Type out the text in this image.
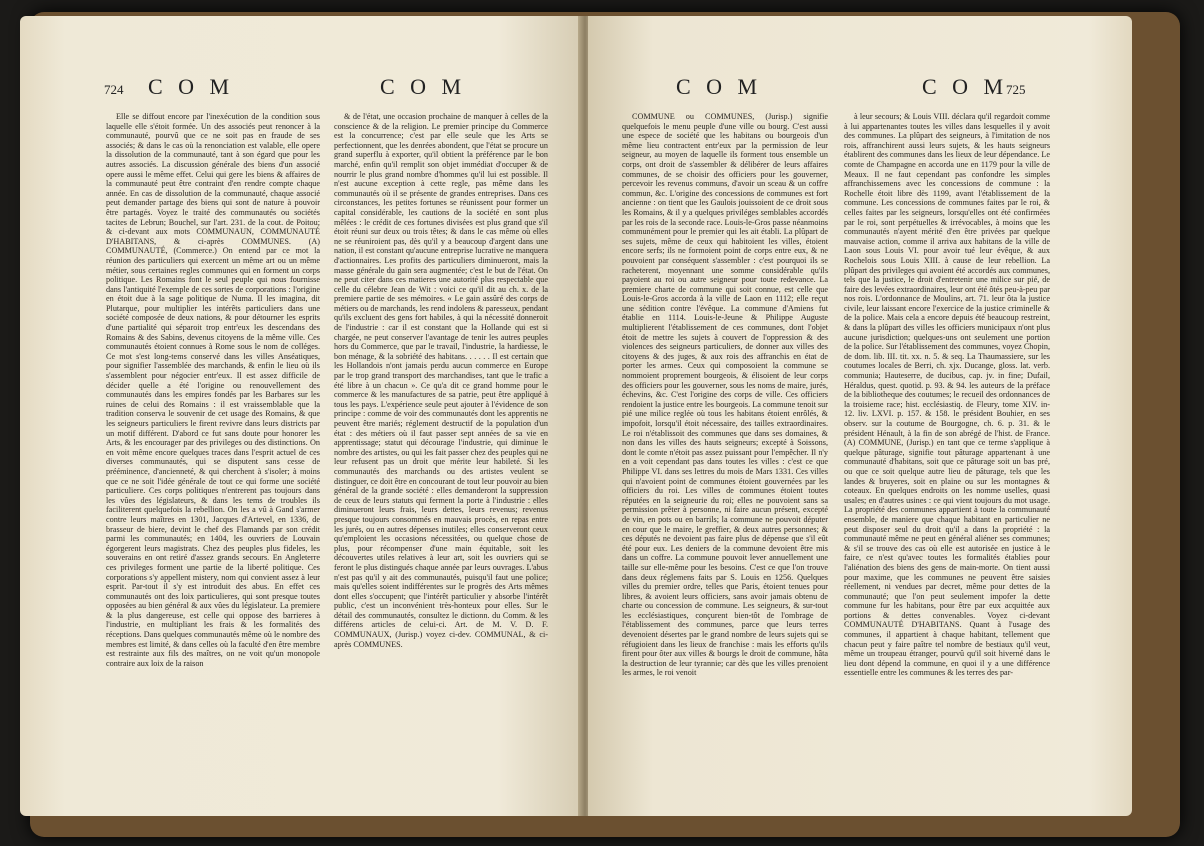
724 C O M	C O M

Elle se diffout encore par l'inexécution de la condition sous laquelle elle s'étoit formée. Un des associés peut renoncer à la communauté, pourvû que ce ne soit pas en fraude de ses associés; & dans le cas où la renonciation est valable, elle opere la dissolution de la communauté, tant à son égard que pour les autres associés. La discussion générale des biens d'un associé opere aussi le même effet. Celui qui gere les biens & affaires de la communauté peut être contraint d'en rendre compte chaque année. En cas de dissolution de la communauté, chaque associé peut demander partage des biens qui sont de nature à pouvoir être partagés. Voyez le traité des communautés ou sociétés tacites de Lebrun; Bouchel, sur l'art. 231. de la cout. de Poitou; & ci-devant aux mots COMMUNAUN, COMMUNAUTÉ D'HABITANS, & ci-après COMMUNES. (A) COMMUNAUTÉ, (Commerce.) On entend par ce mot la réunion des particuliers qui exercent un même art ou un même métier, sous certaines regles communes qui en forment un corps politique. Les Romains font le seul peuple qui nous fournisse dans l'antiquité l'exemple de ces sortes de corporations : l'origine en étoit due à la sage politique de Numa. Il les imagina, dit Plutarque, pour multiplier les intérêts particuliers dans une société composée de deux nations, & pour détourner les esprits d'une partialité qui séparoit trop entr'eux les descendans des Romains & des Sabins, devenus citoyens de la même ville. Ces communautés étoient connues à Rome sous le nom de colléges. Ce mot s'est long-tems conservé dans les villes Anséatiques, pour signifier l'assemblée des marchands, & enfin le lieu où ils s'assemblent pour négocier entr'eux. Il est assez difficile de décider quelle a été l'origine ou renouvellement des communautés dans les empires fondés par les Barbares sur les ruines de celui des Romains : il est vraissemblable que la tradition conserva le souvenir de cet usage des Romains, & que les seigneurs particuliers le firent revivre dans leurs districts par un motif différent. D'abord ce fut sans doute pour honorer les Arts, & les encourager par des privileges ou des distinctions. On en voit même encore quelques traces dans l'esprit actuel de ces diverses communautés, qui se disputent sans cesse de prééminence, d'ancienneté, & qui cherchent à s'isoler; à moins que ce ne soit l'idée générale de tout ce qui forme une société particuliere. Ces corps politiques n'entrerent pas toujours dans les vûes des législateurs, & dans les tems de troubles ils faciliterent quelquefois la rebellion. On les a vû à Gand s'armer contre leurs maîtres en 1301, Jacques d'Artevel, en 1336, de brasseur de biere, devint le chef des Flamands par son crédit parmi les communautés; en 1404, les ouvriers de Louvain égorgerent leurs magistrats. Chez des peuples plus fideles, les souverains en ont retiré d'assez grands secours. En Angleterre ces privileges forment une partie de la liberté politique. Ces corporations s'y appellent mistery, nom qui convient assez à leur esprit. Par-tout il s'y est introduit des abus. En effet ces communautés ont des loix particulieres, qui sont presque toutes opposées au bien général & aux vûes du législateur. La premiere & la plus dangereuse, est celle qui oppose des barrieres à l'industrie, en multipliant les frais & les formalités des réceptions. Dans quelques communautés même où le nombre des membres est limité, & dans celles où la faculté d'en être membre est restrainte aux fils des maîtres, on ne voit qu'un monopole contraire aux loix de la raison

& de l'état, une occasion prochaine de manquer à celles de la conscience & de la religion. Le premier principe du Commerce est la concurrence; c'est par elle seule que les Arts se perfectionnent, que les denrées abondent, que l'état se procure un grand superflu à exporter, qu'il obtient la préférence par le bon marché, enfin qu'il remplit son objet immédiat d'occuper & de nourrir le plus grand nombre d'hommes qu'il lui est possible. Il n'est aucune exception à cette regle, pas même dans les communautés où il se présente de grandes entreprises. Dans ces circonstances, les petites fortunes se réunissent pour former un capital considérable, les cautions de la société en sont plus mêlées : le crédit de ces fortunes divisées est plus grand que s'il étoit réuni sur deux ou trois têtes; & dans le cas même où elles ne se réuniroient pas, dès qu'il y a beaucoup d'argent dans une nation, il est constant qu'aucune entreprise lucrative ne manquera d'actionnaires. Les profits des particuliers diminueront, mais la masse générale du gain sera augmentée; c'est le but de l'état. On ne peut citer dans ces matieres une autorité plus respectable que celle du célebre Jean de Wit : voici ce qu'il dit au ch. x. de la premiere partie de ses mémoires. « Le gain assûré des corps de métiers ou de marchands, les rend indolens & paresseux, pendant qu'ils excluent des gens fort habiles, à qui la nécessité donneroit de l'industrie : car il est constant que la Hollande qui est si chargée, ne peut conserver l'avantage de tenir les autres peuples hors du Commerce, que par le travail, l'industrie, la hardiesse, le bon ménage, & la sobriété des habitans. . . . . . Il est certain que les Hollandois n'ont jamais perdu aucun commerce en Europe par le trop grand transport des marchandises, tant que le trafic a été libre à un chacun ». Ce qu'a dit ce grand homme pour le commerce & les manufactures de sa patrie, peut être appliqué à tous les pays. L'expérience seule peut ajouter à l'évidence de son principe : comme de voir des communautés dont les apprentis ne peuvent être mariés; réglement destructif de la population d'un état : des métiers où il faut passer sept années de sa vie en apprentissage; statut qui décourage l'industrie, qui diminue le nombre des artistes, ou qui les fait passer chez des peuples qui ne leur refusent pas un droit que mérite leur habileté. Si les communautés des marchands ou des artistes veulent se distinguer, ce doit être en concourant de tout leur pouvoir au bien général de la grande société : elles demanderont la suppression de ceux de leurs statuts qui ferment la porte à l'industrie : elles diminueront leurs frais, leurs dettes, leurs revenus; revenus presque toujours consommés en mauvais procès, en repas entre les jurés, ou en autres dépenses inutiles; elles conserveront ceux qu'emploient les occasions nécessitées, ou quelque chose de plus, pour récompenser d'une main équitable, soit les découvertes utiles relatives à leur art, soit les ouvriers qui se feront le plus distingués chaque année par leurs ouvrages. L'abus n'est pas qu'il y ait des communautés, puisqu'il faut une police; mais qu'elles soient indifférentes sur le progrès des Arts mêmes dont elles s'occupent; que l'intérêt particulier y absorbe l'intérêt public, c'est un inconvénient très-honteux pour elles. Sur le détail des communautés, consultez le dictionn. du Comm. & les différens articles de celui-ci. Art. de M. V. D. F. COMMUNAUX, (Jurisp.) voyez ci-dev. COMMUNAL, & ci-après COMMUNES.

C O M	C O M
725

COMMUNE ou COMMUNES, (Jurisp.) signifie quelquefois le menu peuple d'une ville ou bourg. C'est aussi une espece de société que les habitans ou bourgeois d'un même lieu contractent entr'eux par la permission de leur seigneur, au moyen de laquelle ils forment tous ensemble un corps, ont droit de s'assembler & délibérer de leurs affaires communes, de se choisir des officiers pour les gouverner, percevoir les revenus communs, d'avoir un sceau & un coffre commun, &c. L'origine des concessions de communes est fort ancienne : on tient que les Gaulois jouissoient de ce droit sous les Romains, & il y a quelques priviléges semblables accordés par les rois de la seconde race. Louis-le-Gros passe néanmoins communément pour le premier qui les ait établi. La plûpart de ses sujets, même de ceux qui habitoient les villes, étoient encore serfs; ils ne formoient point de corps entre eux, & ne pouvoient par conséquent s'assembler : c'est pourquoi ils se racheterent, moyennant une somme considérable qu'ils payoient au roi ou autre seigneur pour toute redevance. La premiere charte de commune qui soit connue, est celle que Louis-le-Gros accorda à la ville de Laon en 1112; elle reçut une sédition contre l'évêque. La commune d'Amiens fut établie en 1114. Louis-le-Jeune & Philippe Auguste multiplierent l'établissement de ces communes, dont l'objet étoit de mettre les sujets à couvert de l'oppression & des violences des seigneurs particuliers, de donner aux villes des citoyens & des juges, & aux rois des affranchis en état de porter les armes. Ceux qui composoient la commune se nommoient proprement bourgeois, & élisoient de leur corps des officiers pour les gouverner, sous les noms de maire, jurés, échevins, &c. C'est l'origine des corps de ville. Ces officiers rendoient la justice entre les bourgeois. La commune tenoit sur pié une milice reglée où tous les habitans étoient enrôlés, & impofoit, lorsqu'il étoit nécessaire, des tailles extraordinaires. Le roi n'établissoit des communes que dans ses domaines, & non dans les villes des hauts seigneurs; excepté à Soissons, dont le comte n'étoit pas assez puissant pour l'empêcher. Il n'y en a voit cependant pas dans toutes les villes : c'est ce que Philippe VI. dans ses lettres du mois de Mars 1331. Ces villes qui n'avoient point de communes étoient gouvernées par les officiers du roi. Les villes de communes étoient toutes réputées en la seigneurie du roi; elles ne pouvoient sans sa permission prêter à personne, ni faire aucun présent, excepté de vin, en pots ou en barrils; la commune ne pouvoit députer en cour que le maire, le greffier, & deux autres personnes; & ces députés ne devoient pas faire plus de dépense que s'il eût été pour eux. Les deniers de la commune devoient être mis dans un coffre. La commune pouvoit lever annuellement une taille sur elle-même pour les besoins. C'est ce que l'on trouve dans deux réglemens faits par S. Louis en 1256. Quelques villes du premier ordre, telles que Paris, étoient tenues pour libres, & avoient leurs officiers, sans avoir jamais obtenu de charte ou concession de commune. Les seigneurs, & sur-tout les ecclésiastiques, conçurent bien-tôt de l'ombrage de l'établissement des communes, parce que leurs terres devenoient désertes par le grand nombre de leurs sujets qui se réfugioient dans les lieux de franchise : mais les efforts qu'ils firent pour ôter aux villes & bourgs le droit de commune, hâta la destruction de leur tyrannie; car dès que les villes prenoient les armes, le roi venoit

à leur secours; & Louis VIII. déclara qu'il regardoit comme à lui appartenantes toutes les villes dans lesquelles il y avoit des communes. La plûpart des seigneurs, à l'imitation de nos rois, affranchirent aussi leurs sujets, & les hauts seigneurs établirent des communes dans les lieux de leur dépendance. Le comte de Champagne en accorda une en 1179 pour la ville de Meaux. Il ne faut cependant pas confondre les simples affranchissemens avec les concessions de commune : la Rochelle étoit libre dès 1199, avant l'établissement de la commune. Les concessions de communes faites par le roi, & celles faites par les seigneurs, lorsqu'elles ont été confirmées par le roi, sont perpétuelles & irrévocables, à moins que les communautés n'ayent mérité d'en être privées par quelque mauvaise action, comme il arriva aux habitans de la ville de Laon sous Louis VI. pour avoir tué leur évêque, & aux Rochelois sous Louis XIII. à cause de leur rebellion. La plûpart des privileges qui avoient été accordés aux communes, tels que la justice, le droit d'entretenir une milice sur pié, de faire des levées extraordinaires, leur ont été ôtés peu-à-peu par nos rois. L'ordonnance de Moulins, art. 71. leur ôta la justice civile, leur laissant encore l'exercice de la justice criminelle & de la police. Mais cela a encore depuis été beaucoup restreint, & dans la plûpart des villes les officiers municipaux n'ont plus aucune jurisdiction; quelques-uns ont seulement une portion de la police. Sur l'établissement des communes, voyez Chopin, de dom. lib. III. tit. xx. n. 5. & seq. La Thaumassiere, sur les coutumes locales de Berri, ch. xjx. Ducange, gloss. lat. verb. communia; Hauteserre, de ducibus, cap. jv. in fine; Dufail, Héraldus, quest. quotid. p. 93. & 94. les auteurs de la préface de la bibliotheque des coutumes; le recueil des ordonnances de la troisieme race; hist. ecclésiastiq. de Fleury, tome XIV. in-12. liv. LXVI. p. 157. & 158. le président Bouhier, en ses observ. sur la coutume de Bourgogne, ch. 6. p. 31. & le président Hénault, à la fin de son abrégé de l'hist. de France. (A) COMMUNE, (Jurisp.) en tant que ce terme s'applique à quelque pâturage, signifie tout pâturage appartenant à une communauté d'habitans, soit que ce pâturage soit un bas pré, ou que ce soit quelque autre lieu de pâturage, tels que les landes & bruyeres, soit en plaine ou sur les montagnes & coteaux. En quelques endroits on les nomme uselles, quasi usales; en d'autres usines : ce qui vient toujours du mot usage. La propriété des communes appartient à toute la communauté ensemble, de maniere que chaque habitant en particulier ne peut disposer seul du droit qu'il a dans la propriété : la communauté même ne peut en général aliéner ses communes; & s'il se trouve des cas où elle est autorisée en justice à le faire, ce n'est qu'avec toutes les formalités établies pour l'aliénation des biens des gens de main-morte. On tient aussi pour maxime, que les communes ne peuvent être saisies réellement, ni vendues par decret, même pour dettes de la communauté; que l'on peut seulement impofer la dette commune fur les habitans, pour être par eux acquittée aux portions & dettes convenables. Voyez ci-devant COMMUNAUTÉ D'HABITANS. Quant à l'usage des communes, il appartient à chaque habitant, tellement que chacun peut y faire paître tel nombre de bestiaux qu'il veut, même un troupeau étranger, pourvû qu'il soit hiverné dans le lieu dont dépend la commune, en quoi il y a une différence essentielle entre les communes & les terres des par-
